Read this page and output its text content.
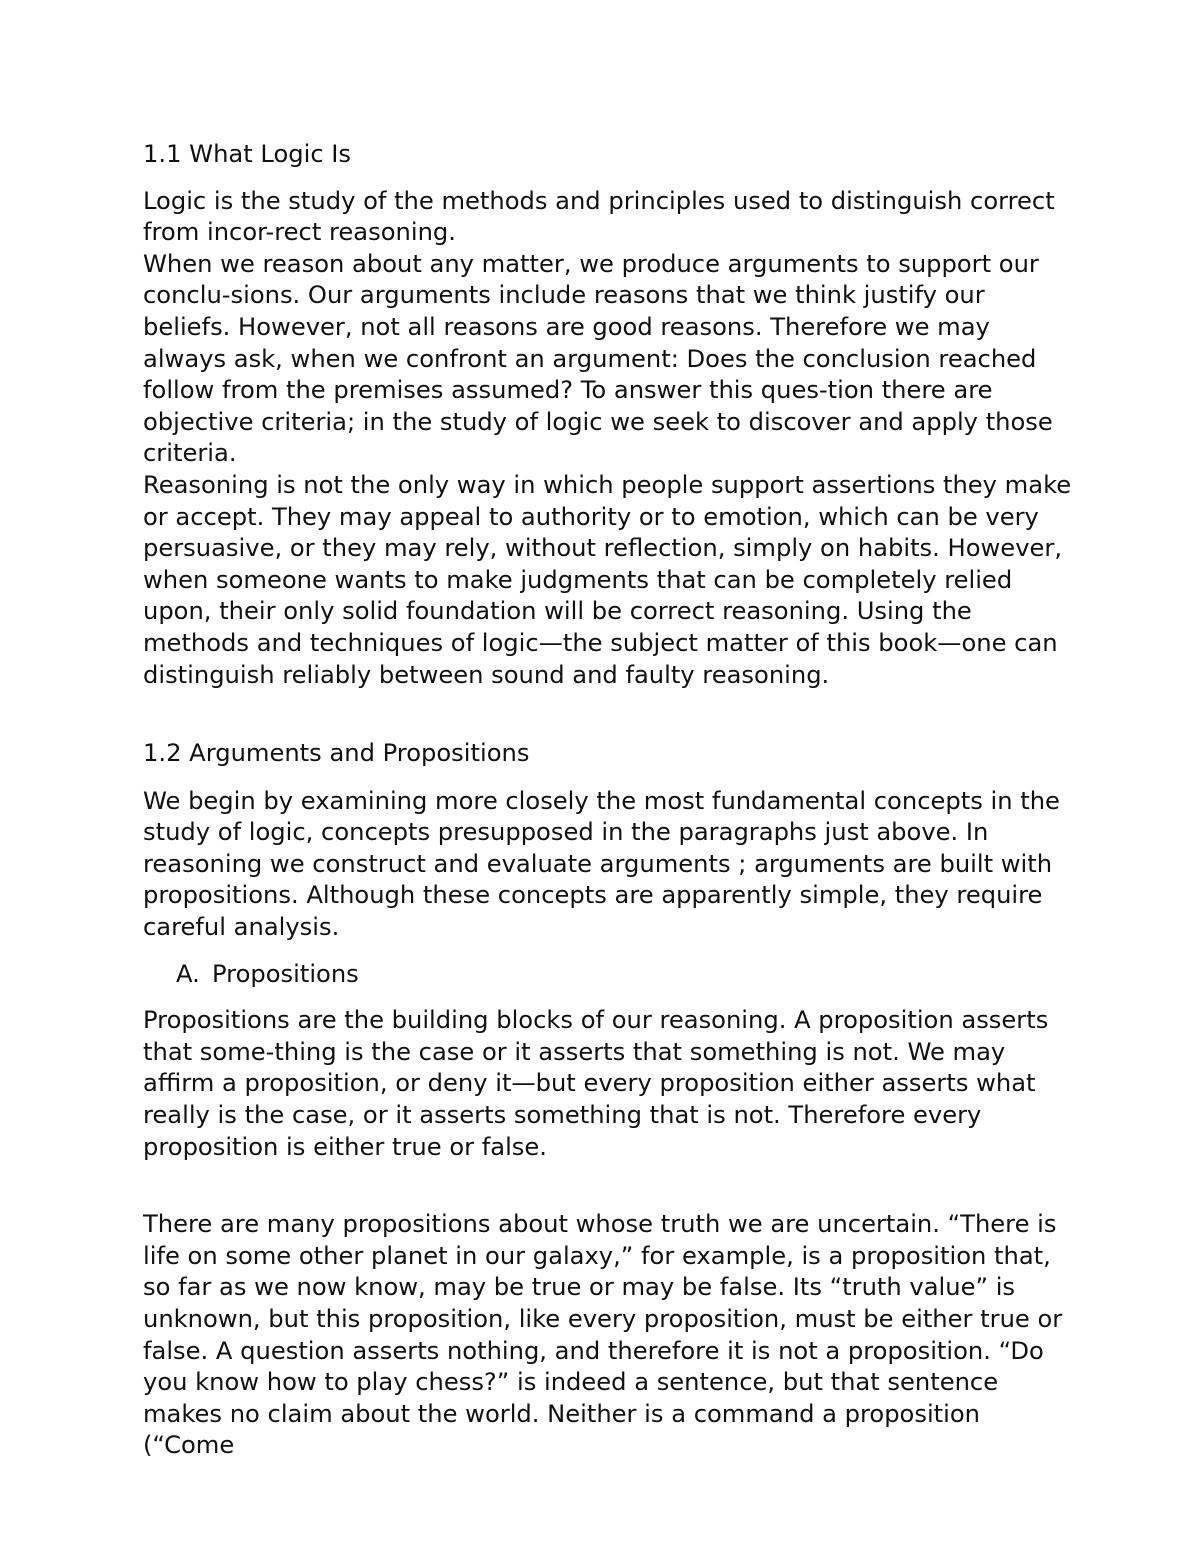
1.1 What Logic Is

Logic is the study of the methods and principles used to distinguish correct from incor-rect reasoning.

When we reason about any matter, we produce arguments to support our conclu-sions. Our arguments include reasons that we think justify our beliefs. However, not all reasons are good reasons. Therefore we may always ask, when we confront an argument: Does the conclusion reached follow from the premises assumed? To answer this ques-tion there are objective criteria; in the study of logic we seek to discover and apply those criteria.

Reasoning is not the only way in which people support assertions they make or accept. They may appeal to authority or to emotion, which can be very persuasive, or they may rely, without reflection, simply on habits. However, when someone wants to make judgments that can be completely relied upon, their only solid foundation will be correct reasoning. Using the methods and techniques of logic—the subject matter of this book—one can distinguish reliably between sound and faulty reasoning.

1.2 Arguments and Propositions

We begin by examining more closely the most fundamental concepts in the study of logic, concepts presupposed in the paragraphs just above. In reasoning we construct and evaluate arguments ; arguments are built with propositions. Although these concepts are apparently simple, they require careful analysis.

A. Propositions

Propositions are the building blocks of our reasoning. A proposition asserts that some-thing is the case or it asserts that something is not. We may affirm a proposition, or deny it—but every proposition either asserts what really is the case, or it asserts something that is not. Therefore every proposition is either true or false.

There are many propositions about whose truth we are uncertain. “There is life on some other planet in our galaxy,” for example, is a proposition that, so far as we now know, may be true or may be false. Its “truth value” is unknown, but this proposition, like every proposition, must be either true or false. A question asserts nothing, and therefore it is not a proposition. “Do you know how to play chess?” is indeed a sentence, but that sentence makes no claim about the world. Neither is a command a proposition (“Come
